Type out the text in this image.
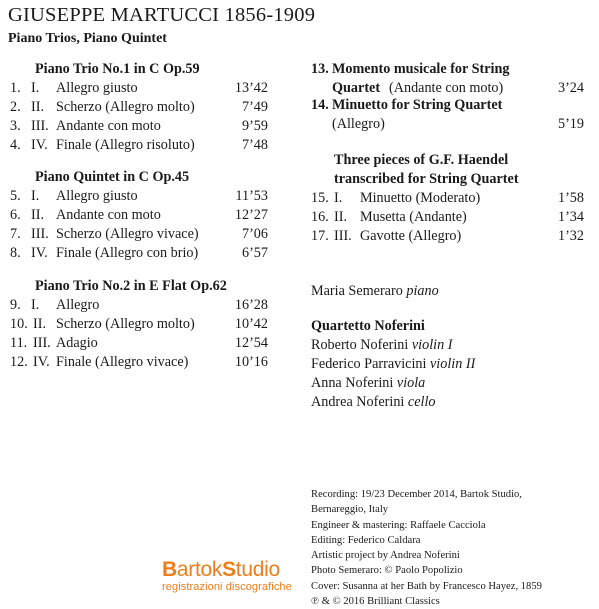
GIUSEPPE MARTUCCI 1856-1909
Piano Trios, Piano Quintet
Piano Trio No.1 in C Op.59
1. I. Allegro giusto	13’42
2. II. Scherzo (Allegro molto)	7’49
3. III. Andante con moto	9’59
4. IV. Finale (Allegro risoluto)	7’48
Piano Quintet in C Op.45
5. I. Allegro giusto	11’53
6. II. Andante con moto	12’27
7. III. Scherzo (Allegro vivace)	7’06
8. IV. Finale (Allegro con brio)	6’57
Piano Trio No.2 in E Flat Op.62
9. I. Allegro	16’28
10. II. Scherzo (Allegro molto)	10’42
11. III. Adagio	12’54
12. IV. Finale (Allegro vivace)	10’16
13. Momento musicale for String
Quartet (Andante con moto)	3’24
14. Minuetto for String Quartet
(Allegro)	5’19
Three pieces of G.F. Haendel
transcribed for String Quartet
15. I. Minuetto (Moderato)	1’58
16. II. Musetta (Andante)	1’34
17. III. Gavotte (Allegro)	1’32
Maria Semeraro piano
Quartetto Noferini
Roberto Noferini violin I
Federico Parravicini violin II
Anna Noferini viola
Andrea Noferini cello
Recording: 19/23 December 2014, Bartok Studio,
Bernareggio, Italy
Engineer & mastering: Raffaele Cacciola
Editing: Federico Caldara
Artistic project by Andrea Noferini
Photo Semeraro: © Paolo Popolizio
Cover: Susanna at her Bath by Francesco Hayez, 1859
℗ & © 2016 Brilliant Classics
BartokStudio
registrazioni discografiche
